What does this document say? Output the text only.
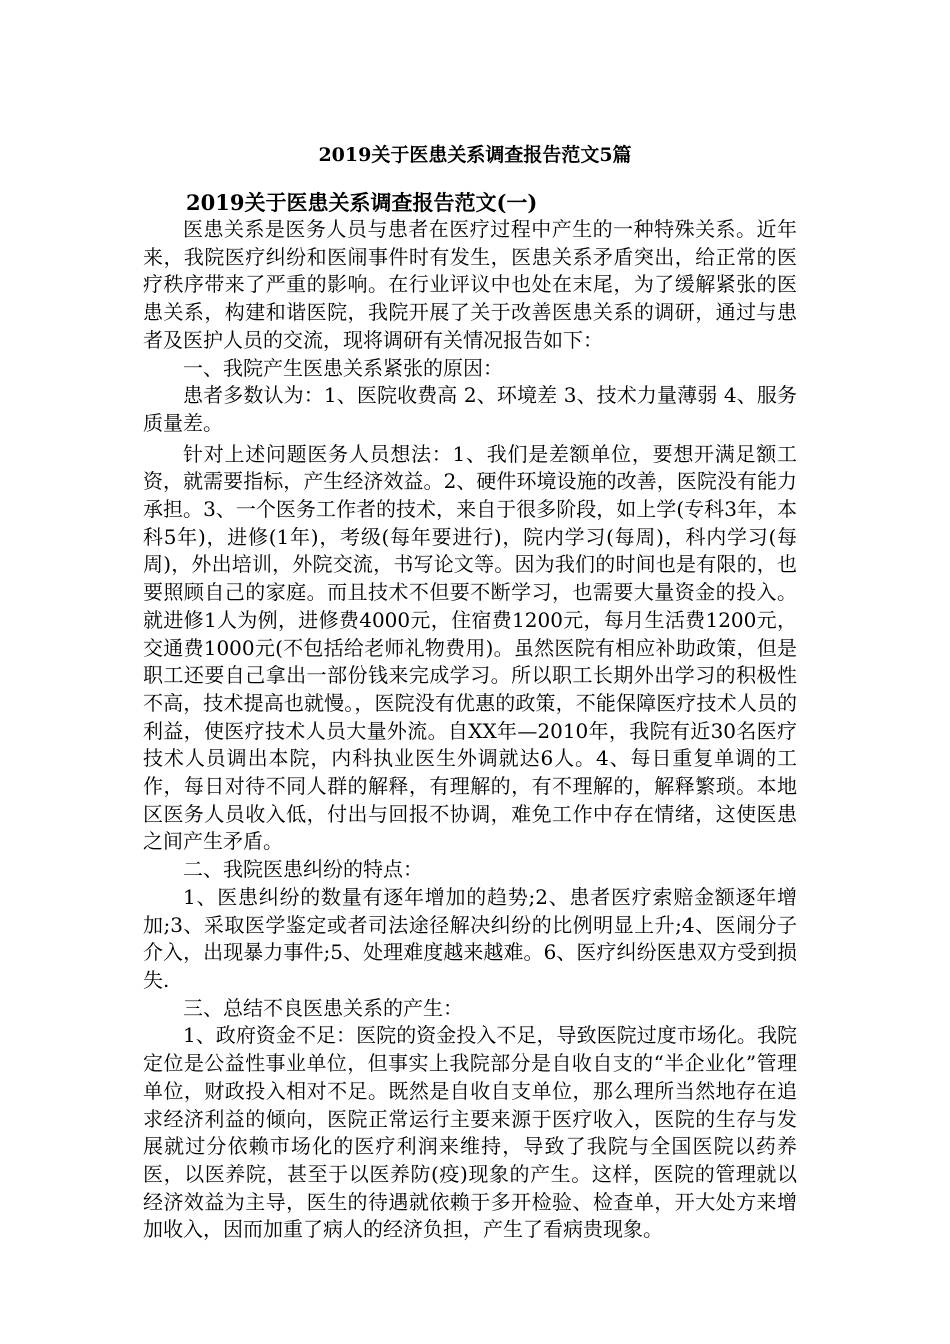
2019关于医患关系调查报告范文5篇
2019关于医患关系调查报告范文(一)

医患关系是医务人员与患者在医疗过程中产生的一种特殊关系。近年来，我院医疗纠纷和医闹事件时有发生，医患关系矛盾突出，给正常的医疗秩序带来了严重的影响。在行业评议中也处在末尾，为了缓解紧张的医患关系，构建和谐医院，我院开展了关于改善医患关系的调研，通过与患者及医护人员的交流，现将调研有关情况报告如下：

一、我院产生医患关系紧张的原因：

患者多数认为：1、医院收费高 2、环境差 3、技术力量薄弱 4、服务质量差。

针对上述问题医务人员想法：1、我们是差额单位，要想开满足额工资，就需要指标，产生经济效益。2、硬件环境设施的改善，医院没有能力承担。3、一个医务工作者的技术，来自于很多阶段，如上学(专科3年，本科5年)，进修(1年)，考级(每年要进行)，院内学习(每周)，科内学习(每周)，外出培训，外院交流，书写论文等。因为我们的时间也是有限的，也要照顾自己的家庭。而且技术不但要不断学习，也需要大量资金的投入。就进修1人为例，进修费4000元，住宿费1200元，每月生活费1200元，交通费1000元(不包括给老师礼物费用)。虽然医院有相应补助政策，但是职工还要自己拿出一部份钱来完成学习。所以职工长期外出学习的积极性不高，技术提高也就慢。，医院没有优惠的政策，不能保障医疗技术人员的利益，使医疗技术人员大量外流。自XX年—2010年，我院有近30名医疗技术人员调出本院，内科执业医生外调就达6人。4、每日重复单调的工作，每日对待不同人群的解释，有理解的，有不理解的，解释繁琐。本地区医务人员收入低，付出与回报不协调，难免工作中存在情绪，这使医患之间产生矛盾。

二、我院医患纠纷的特点：

1、医患纠纷的数量有逐年增加的趋势;2、患者医疗索赔金额逐年增加;3、采取医学鉴定或者司法途径解决纠纷的比例明显上升;4、医闹分子介入，出现暴力事件;5、处理难度越来越难。6、医疗纠纷医患双方受到损失.

三、总结不良医患关系的产生：

1、政府资金不足：医院的资金投入不足，导致医院过度市场化。我院定位是公益性事业单位，但事实上我院部分是自收自支的“半企业化”管理单位，财政投入相对不足。既然是自收自支单位，那么理所当然地存在追求经济利益的倾向，医院正常运行主要来源于医疗收入，医院的生存与发展就过分依赖市场化的医疗利润来维持，导致了我院与全国医院以药养医，以医养院，甚至于以医养防(疫)现象的产生。这样，医院的管理就以经济效益为主导，医生的待遇就依赖于多开检验、检查单，开大处方来增加收入，因而加重了病人的经济负担，产生了看病贵现象。
